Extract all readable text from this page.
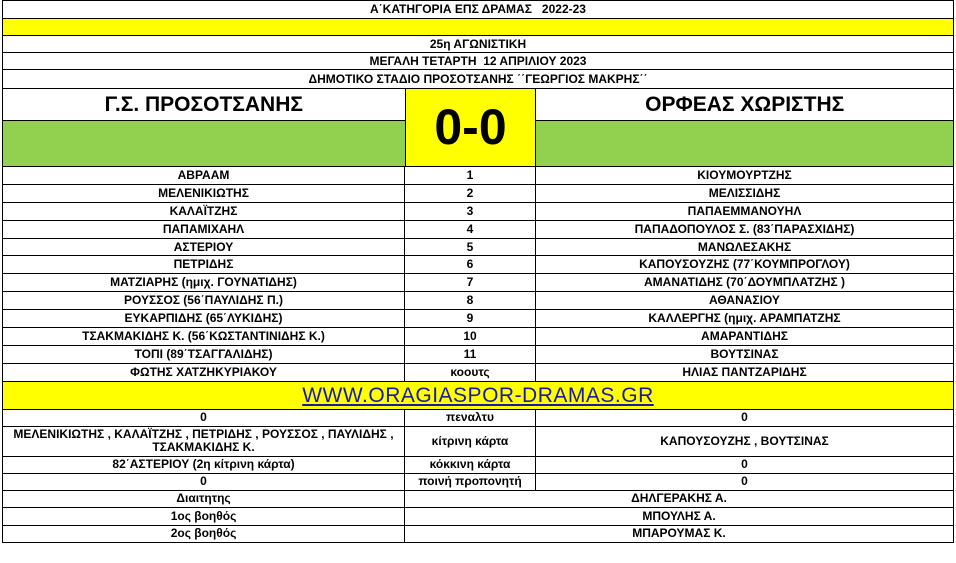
Α΄ΚΑΤΗΓΟΡΙΑ ΕΠΣ ΔΡΑΜΑΣ   2022-23
25η ΑΓΩΝΙΣΤΙΚΗ
ΜΕΓΑΛΗ ΤΕΤΑΡΤΗ  12 ΑΠΡΙΛΙΟΥ 2023
ΔΗΜΟΤΙΚΟ ΣΤΑΔΙΟ ΠΡΟΣΟΤΣΑΝΗΣ ΄΄ΓΕΩΡΓΙΟΣ ΜΑΚΡΗΣ΄΄
Γ.Σ. ΠΡΟΣΟΤΣΑΝΗΣ	0-0	ΟΡΦΕΑΣ ΧΩΡΙΣΤΗΣ
ΑΒΡΑΑΜ	1	ΚΙΟΥΜΟΥΡΤΖΗΣ
ΜΕΛΕΝΙΚΙΩΤΗΣ	2	ΜΕΛΙΣΣΙΔΗΣ
ΚΑΛΑΪΤΖΗΣ	3	ΠΑΠΑΕΜΜΑΝΟΥΗΛ
ΠΑΠΑΜΙΧΑΗΛ	4	ΠΑΠΑΔΟΠΟΥΛΟΣ Σ. (83΄ΠΑΡΑΣΧΙΔΗΣ)
ΑΣΤΕΡΙΟΥ	5	ΜΑΝΩΛΕΣΑΚΗΣ
ΠΕΤΡΙΔΗΣ	6	ΚΑΠΟΥΣΟΥΖΗΣ (77΄ΚΟΥΜΠΡΟΓΛΟΥ)
ΜΑΤΖΙΑΡΗΣ (ημιχ. ΓΟΥΝΑΤΙΔΗΣ)	7	ΑΜΑΝΑΤΙΔΗΣ (70΄ΔΟΥΜΠΛΑΤΖΗΣ )
ΡΟΥΣΣΟΣ (56΄ΠΑΥΛΙΔΗΣ Π.)	8	ΑΘΑΝΑΣΙΟΥ
ΕΥΚΑΡΠΙΔΗΣ (65΄ΛΥΚΙΔΗΣ)	9	ΚΑΛΛΕΡΓΗΣ (ημιχ. ΑΡΑΜΠΑΤΖΗΣ
ΤΣΑΚΜΑΚΙΔΗΣ Κ. (56΄ΚΩΣΤΑΝΤΙΝΙΔΗΣ Κ.)	10	ΑΜΑΡΑΝΤΙΔΗΣ
ΤΟΠΙ (89΄ΤΣΑΓΓΑΛΙΔΗΣ)	11	ΒΟΥΤΣΙΝΑΣ
ΦΩΤΗΣ ΧΑΤΖΗΚΥΡΙΑΚΟΥ	κοουτς	ΗΛΙΑΣ ΠΑΝΤΖΑΡΙΔΗΣ
WWW.ORAGIASPOR-DRAMAS.GR
0	πεναλτυ	0
ΜΕΛΕΝΙΚΙΩΤΗΣ , ΚΑΛΑΪΤΖΗΣ , ΠΕΤΡΙΔΗΣ , ΡΟΥΣΣΟΣ , ΠΑΥΛΙΔΗΣ , ΤΣΑΚΜΑΚΙΔΗΣ Κ.	κίτρινη κάρτα	ΚΑΠΟΥΣΟΥΖΗΣ , ΒΟΥΤΣΙΝΑΣ
82΄ΑΣΤΕΡΙΟΥ (2η κίτρινη κάρτα)	κόκκινη κάρτα	0
0	ποινή προπονητή	0
Διαιτητης	ΔΗΛΓΕΡΑΚΗΣ Α.
1ος βοηθός	ΜΠΟΥΛΗΣ Α.
2ος βοηθός	ΜΠΑΡΟΥΜΑΣ Κ.
